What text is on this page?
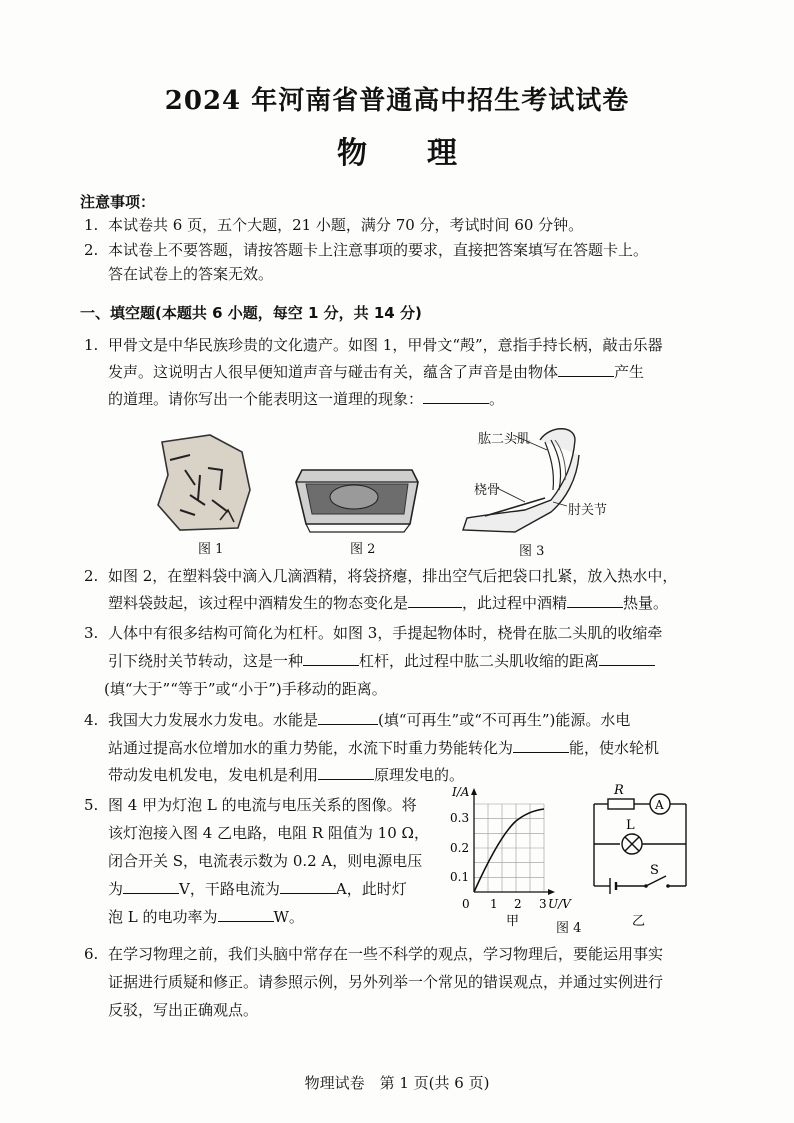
2024 年河南省普通高中招生考试试卷
物　　理
注意事项：
1. 本试卷共 6 页，五个大题，21 小题，满分 70 分，考试时间 60 分钟。
2. 本试卷上不要答题，请按答题卡上注意事项的要求，直接把答案填写在答题卡上。
答在试卷上的答案无效。
一、填空题(本题共 6 小题，每空 1 分，共 14 分)
1. 甲骨文是中华民族珍贵的文化遗产。如图 1，甲骨文“殸”，意指手持长柄，敲击乐器
发声。这说明古人很早便知道声音与碰击有关，蕴含了声音是由物体	产生
的道理。请你写出一个能表明这一道理的现象：	。
图 1	图 2
肱二头肌
桡骨
肘关节
图 3
2. 如图 2，在塑料袋中滴入几滴酒精，将袋挤瘪，排出空气后把袋口扎紧，放入热水中，
塑料袋鼓起，该过程中酒精发生的物态变化是	，此过程中酒精	热量。
3. 人体中有很多结构可简化为杠杆。如图 3，手提起物体时，桡骨在肱二头肌的收缩牵
引下绕肘关节转动，这是一种	杠杆，此过程中肱二头肌收缩的距离
(填“大于”“等于”或“小于”)手移动的距离。
4. 我国大力发展水力发电。水能是	(填“可再生”或“不可再生”)能源。水电
站通过提高水位增加水的重力势能，水流下时重力势能转化为	能，使水轮机
带动发电机发电，发电机是利用	原理发电的。
5. 图 4 甲为灯泡 L 的电流与电压关系的图像。将
该灯泡接入图 4 乙电路，电阻 R 阻值为 10 Ω，
闭合开关 S，电流表示数为 0.2 A，则电源电压
为	V，干路电流为	A，此时灯
泡 L 的电功率为	W。
I/A
0.3
0.2
0.1
0 1 2 3 U/V
甲	图 4
R
A
L
S
乙
6. 在学习物理之前，我们头脑中常存在一些不科学的观点，学习物理后，要能运用事实
证据进行质疑和修正。请参照示例，另外列举一个常见的错误观点，并通过实例进行
反驳，写出正确观点。
物理试卷　第 1 页(共 6 页)
